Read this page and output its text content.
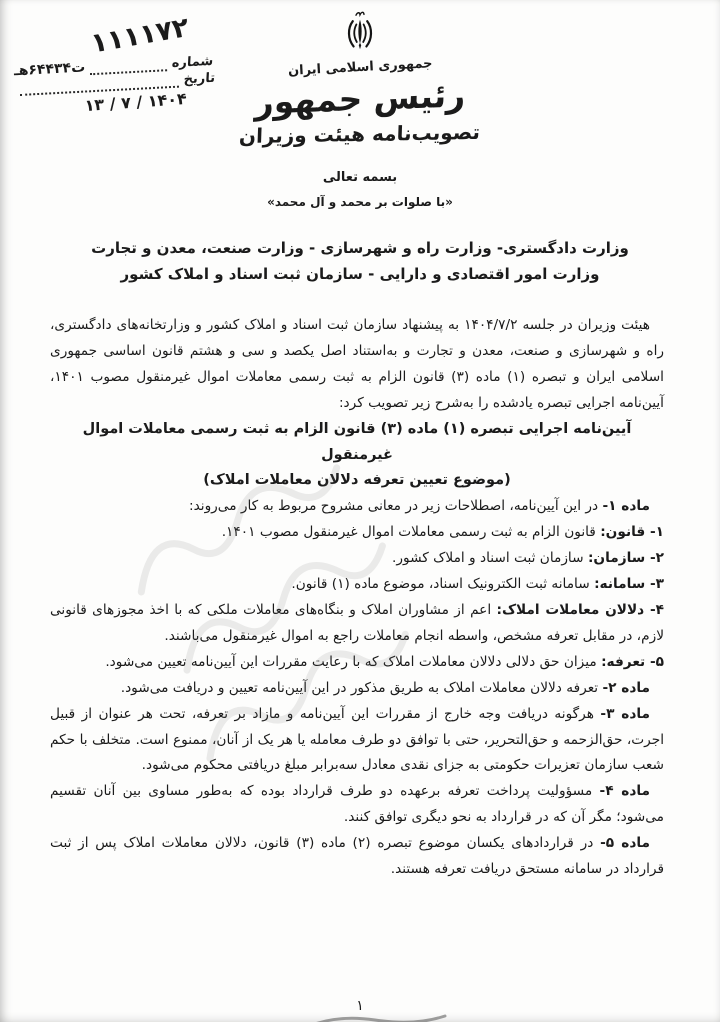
جمهوری اسلامی ایران
رئیس جمهور
تصویب‌نامه هیئت وزیران
۱۱۱۱۷۲
شماره
ت۶۴۴۳۴هـ
تاریخ
۱۴۰۴ / ۷ / ۱۳
بسمه تعالی
«با صلوات بر محمد و آل محمد»
وزارت دادگستری- وزارت راه و شهرسازی - وزارت صنعت، معدن و تجارت
وزارت امور اقتصادی و دارایی - سازمان ثبت اسناد و املاک کشور

هیئت وزیران در جلسه ۱۴۰۴/۷/۲ به پیشنهاد سازمان ثبت اسناد و املاک کشور و وزارتخانه‌های دادگستری، راه و شهرسازی و صنعت، معدن و تجارت و به‌استناد اصل یکصد و سی و هشتم قانون اساسی جمهوری اسلامی ایران و تبصره (۱) ماده (۳) قانون الزام به ثبت رسمی معاملات اموال غیرمنقول مصوب ۱۴۰۱، آیین‌نامه اجرایی تبصره یادشده را به‌شرح زیر تصویب کرد:

آیین‌نامه اجرایی تبصره (۱) ماده (۳) قانون الزام به ثبت رسمی معاملات اموال غیرمنقول
(موضوع تعیین تعرفه دلالان معاملات املاک)

ماده ۱- در این آیین‌نامه، اصطلاحات زیر در معانی مشروح مربوط به کار می‌روند:

۱- قانون: قانون الزام به ثبت رسمی معاملات اموال غیرمنقول مصوب ۱۴۰۱.

۲- سازمان: سازمان ثبت اسناد و املاک کشور.

۳- سامانه: سامانه ثبت الکترونیک اسناد، موضوع ماده (۱) قانون.

۴- دلالان معاملات املاک: اعم از مشاوران املاک و بنگاه‌های معاملات ملکی که با اخذ مجوزهای قانونی لازم، در مقابل تعرفه مشخص، واسطه انجام معاملات راجع به اموال غیرمنقول می‌باشند.

۵- تعرفه: میزان حق دلالی دلالان معاملات املاک که با رعایت مقررات این آیین‌نامه تعیین می‌شود.

ماده ۲- تعرفه دلالان معاملات املاک به طریق مذکور در این آیین‌نامه تعیین و دریافت می‌شود.

ماده ۳- هرگونه دریافت وجه خارج از مقررات این آیین‌نامه و مازاد بر تعرفه، تحت هر عنوان از قبیل اجرت، حق‌الزحمه و حق‌التحریر، حتی با توافق دو طرف معامله یا هر یک از آنان، ممنوع است. متخلف با حکم شعب سازمان تعزیرات حکومتی به جزای نقدی معادل سه‌برابر مبلغ دریافتی محکوم می‌شود.

ماده ۴- مسؤولیت پرداخت تعرفه برعهده دو طرف قرارداد بوده که به‌طور مساوی بین آنان تقسیم می‌شود؛ مگر آن که در قرارداد به نحو دیگری توافق کنند.

ماده ۵- در قراردادهای یکسان موضوع تبصره (۲) ماده (۳) قانون، دلالان معاملات املاک پس از ثبت قرارداد در سامانه مستحق دریافت تعرفه هستند.

۱
